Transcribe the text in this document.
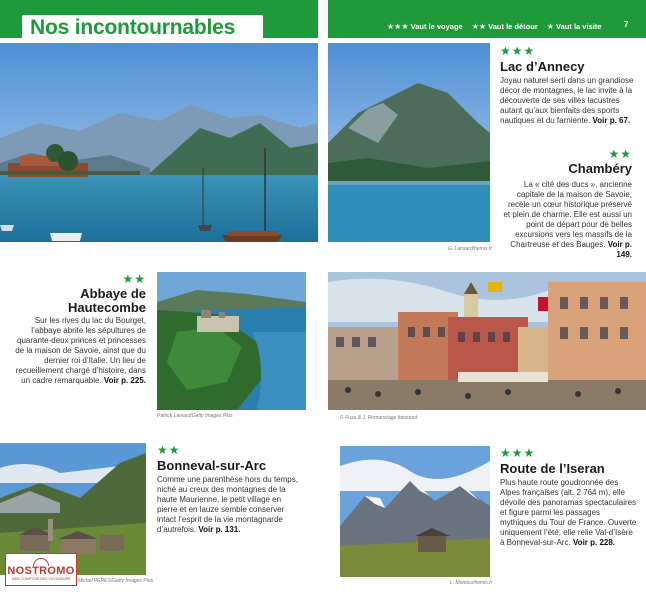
Nos incontournables	★★★ Vaut le voyage ★★ Vaut le détour ★ Vaut la visite	7
G. Lansard/hemis.fr
★★★
Lac d’Annecy
Joyau naturel serti dans un grandiose décor de montagnes, le lac invite à la découverte de ses villes lacustres autant qu’aux bienfaits des sports nautiques et du farniente. Voir p. 67.
★★
Chambéry
La « cité des ducs », ancienne capitale de la maison de Savoie, recèle un cœur historique préservé et plein de charme. Elle est aussi un point de départ pour de belles excursions vers les massifs de la Chartreuse et des Bauges. Voir p. 149.
★★
Abbaye de
Hautecombe
Sur les rives du lac du Bourget, l’abbaye abrite les sépultures de quarante-deux princes et princesses de la maison de Savoie, ainsi que du dernier roi d’Italie. Un lieu de recueillement chargé d’histoire, dans un cadre remarquable. Voir p. 225.
Patrick Lienard/Getty Images Plus	F. Fuxa & J. Romano/age fotostock
Michel PERES/Getty Images Plus
NOSTROMO
WEB COMPTOIR DES VOYAGEURS
★★
Bonneval-sur-Arc
Comme une parenthèse hors du temps, niché au creux des montagnes de la haute Maurienne, le petit village en pierre et en lauze semble conserver intact l’esprit de la vie montagnarde d’autrefois. Voir p. 131.
L. Montico/hemis.fr
★★★
Route de l’Iseran
Plus haute route goudronnée des Alpes françaises (alt. 2 764 m), elle dévoile des panoramas spectaculaires et figure parmi les passages mythiques du Tour de France. Ouverte uniquement l’été, elle relie Val-d’Isère à Bonneval-sur-Arc. Voir p. 228.
